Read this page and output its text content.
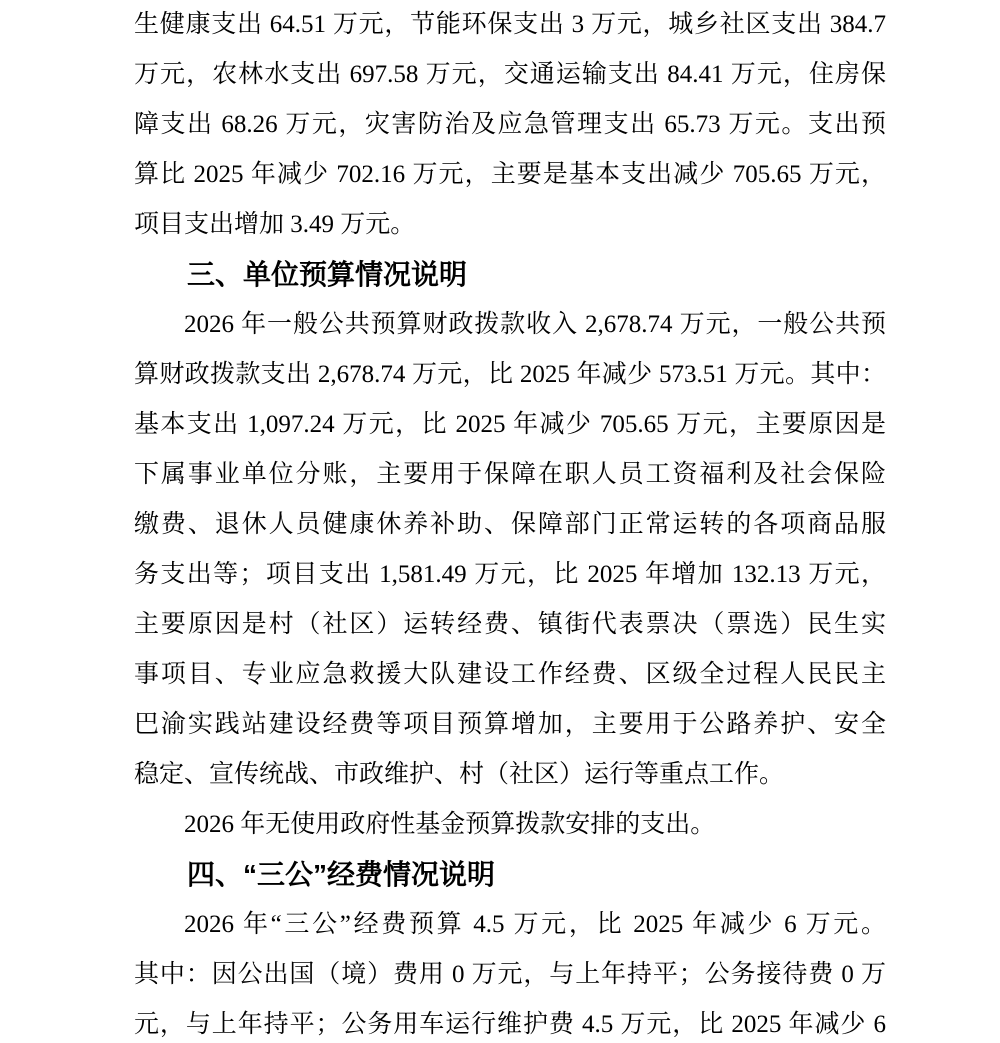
生健康支出 64.51 万元，节能环保支出 3 万元，城乡社区支出 384.7
万元，农林水支出 697.58 万元，交通运输支出 84.41 万元，住房保
障支出 68.26 万元，灾害防治及应急管理支出 65.73 万元。支出预
算比 2025 年减少 702.16 万元，主要是基本支出减少 705.65 万元，
项目支出增加 3.49 万元。
三、单位预算情况说明
2026 年一般公共预算财政拨款收入 2,678.74 万元，一般公共预
算财政拨款支出 2,678.74 万元，比 2025 年减少 573.51 万元。其中：
基本支出 1,097.24 万元，比 2025 年减少 705.65 万元，主要原因是
下属事业单位分账，主要用于保障在职人员工资福利及社会保险
缴费、退休人员健康休养补助、保障部门正常运转的各项商品服
务支出等；项目支出 1,581.49 万元，比 2025 年增加 132.13 万元，
主要原因是村（社区）运转经费、镇街代表票决（票选）民生实
事项目、专业应急救援大队建设工作经费、区级全过程人民民主
巴渝实践站建设经费等项目预算增加，主要用于公路养护、安全
稳定、宣传统战、市政维护、村（社区）运行等重点工作。
2026 年无使用政府性基金预算拨款安排的支出。
四、“三公”经费情况说明
2026 年“三公”经费预算 4.5 万元，比 2025 年减少 6 万元。
其中：因公出国（境）费用 0 万元，与上年持平；公务接待费 0 万
元，与上年持平；公务用车运行维护费 4.5 万元，比 2025 年减少 6
